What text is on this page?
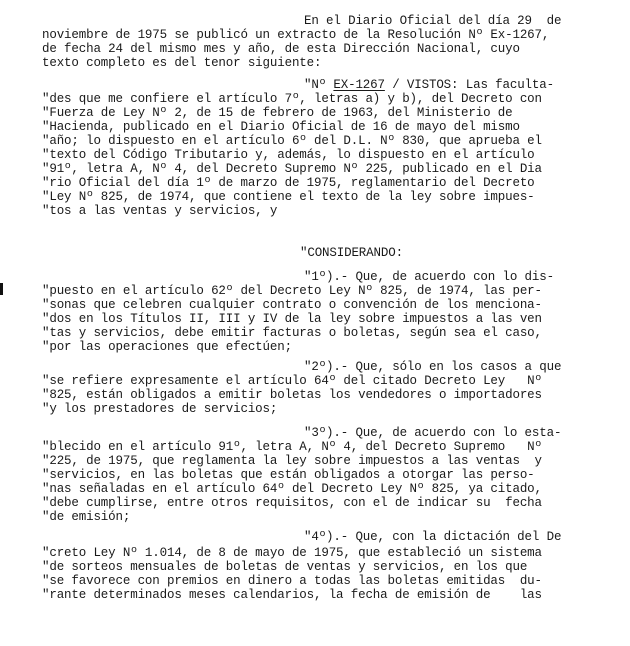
En el Diario Oficial del día 29  de
noviembre de 1975 se publicó un extracto de la Resolución Nº Ex-1267,
de fecha 24 del mismo mes y año, de esta Dirección Nacional, cuyo
texto completo es del tenor siguiente:
"Nº EX-1267 / VISTOS: Las faculta-
"des que me confiere el artículo 7º, letras a) y b), del Decreto con
"Fuerza de Ley Nº 2, de 15 de febrero de 1963, del Ministerio de
"Hacienda, publicado en el Diario Oficial de 16 de mayo del mismo
"año; lo dispuesto en el artículo 6º del D.L. Nº 830, que aprueba el
"texto del Código Tributario y, además, lo dispuesto en el artículo
"91º, letra A, Nº 4, del Decreto Supremo Nº 225, publicado en el Dia
"rio Oficial del día 1º de marzo de 1975, reglamentario del Decreto
"Ley Nº 825, de 1974, que contiene el texto de la ley sobre impues-
"tos a las ventas y servicios, y
"CONSIDERANDO:
"1º).- Que, de acuerdo con lo dis-
"puesto en el artículo 62º del Decreto Ley Nº 825, de 1974, las per-
"sonas que celebren cualquier contrato o convención de los menciona-
"dos en los Títulos II, III y IV de la ley sobre impuestos a las ven
"tas y servicios, debe emitir facturas o boletas, según sea el caso,
"por las operaciones que efectúen;
"2º).- Que, sólo en los casos a que
"se refiere expresamente el artículo 64º del citado Decreto Ley   Nº
"825, están obligados a emitir boletas los vendedores o importadores
"y los prestadores de servicios;
"3º).- Que, de acuerdo con lo esta-
"blecido en el artículo 91º, letra A, Nº 4, del Decreto Supremo   Nº
"225, de 1975, que reglamenta la ley sobre impuestos a las ventas  y
"servicios, en las boletas que están obligados a otorgar las perso-
"nas señaladas en el artículo 64º del Decreto Ley Nº 825, ya citado,
"debe cumplirse, entre otros requisitos, con el de indicar su  fecha
"de emisión;
"4º).- Que, con la dictación del De
"creto Ley Nº 1.014, de 8 de mayo de 1975, que estableció un sistema
"de sorteos mensuales de boletas de ventas y servicios, en los que
"se favorece con premios en dinero a todas las boletas emitidas  du-
"rante determinados meses calendarios, la fecha de emisión de    las
